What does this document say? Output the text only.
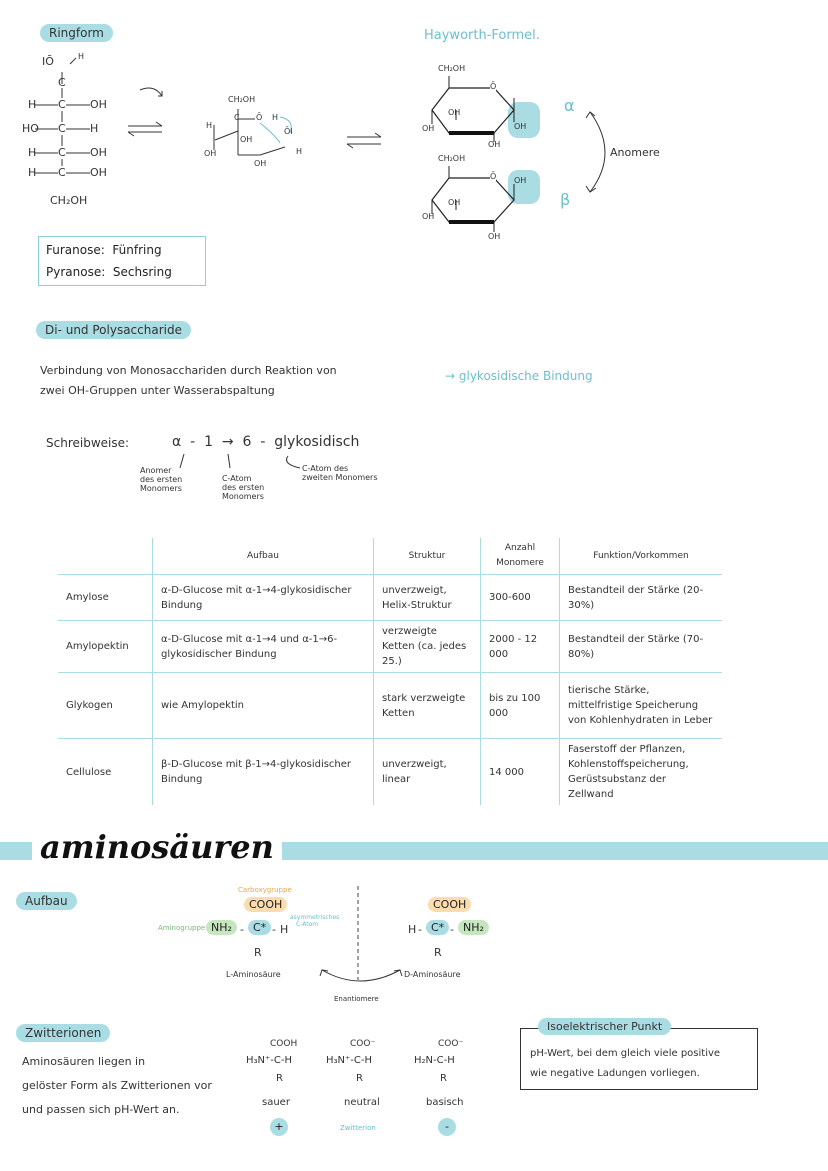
Ringform
IŌ	H
C
H C OH
HO C H
H C OH
H C OH
CH₂OH
CH₂OH
C Ō H
H
OH
OH
OH
ŌI
H
Hayworth-Formel.
CH₂OH
Ō
OH
OH
OH
OH
α
CH₂OH
Ō
OH
OH
OH
OH
β
Anomere
Furanose: Fünfring
Pyranose: Sechsring
Di- und Polysaccharide
Verbindung von Monosacchariden durch Reaktion von
zwei OH-Gruppen unter Wasserabspaltung
→ glykosidische Bindung
Schreibweise:	α  -  1  →  6  -  glykosidisch
Anomer
des ersten
Monomers
C-Atom
des ersten
Monomers
C-Atom des
zweiten Monomers
	Aufbau	Struktur	Anzahl Monomere	Funktion/Vorkommen
Amylose	α-D-Glucose mit α-1→4-glykosidischer Bindung	unverzweigt, Helix-Struktur	300-600	Bestandteil der Stärke (20-30%)
Amylopektin	α-D-Glucose mit α-1→4 und α-1→6-glykosidischer Bindung	verzweigte Ketten (ca. jedes 25.)	2000 - 12 000	Bestandteil der Stärke (70-80%)
Glykogen	wie Amylopektin	stark verzweigte Ketten	bis zu 100 000	tierische Stärke, mittelfristige Speicherung von Kohlenhydraten in Leber
Cellulose	β-D-Glucose mit β-1→4-glykosidischer Bindung	unverzweigt, linear	14 000	Faserstoff der Pflanzen, Kohlenstoffspeicherung, Gerüstsubstanz der Zellwand
aminosäuren
Aufbau
Carboxygruppe
COOH
Aminogruppe NH₂ - C* - H
asymmetrisches
C-Atom
R
L-Aminosäure
Enantiomere
COOH
H - C* - NH₂
R
D-Aminosäure
Zwitterionen
Aminosäuren liegen in
gelöster Form als Zwitterionen vor
und passen sich pH-Wert an.
COOH
H₃N⁺-C-H
R
sauer
COO⁻
H₃N⁺-C-H
R
neutral
COO⁻
H₂N-C-H
R
basisch
+	Zwitterion	-
Isoelektrischer Punkt
pH-Wert, bei dem gleich viele positive
wie negative Ladungen vorliegen.
